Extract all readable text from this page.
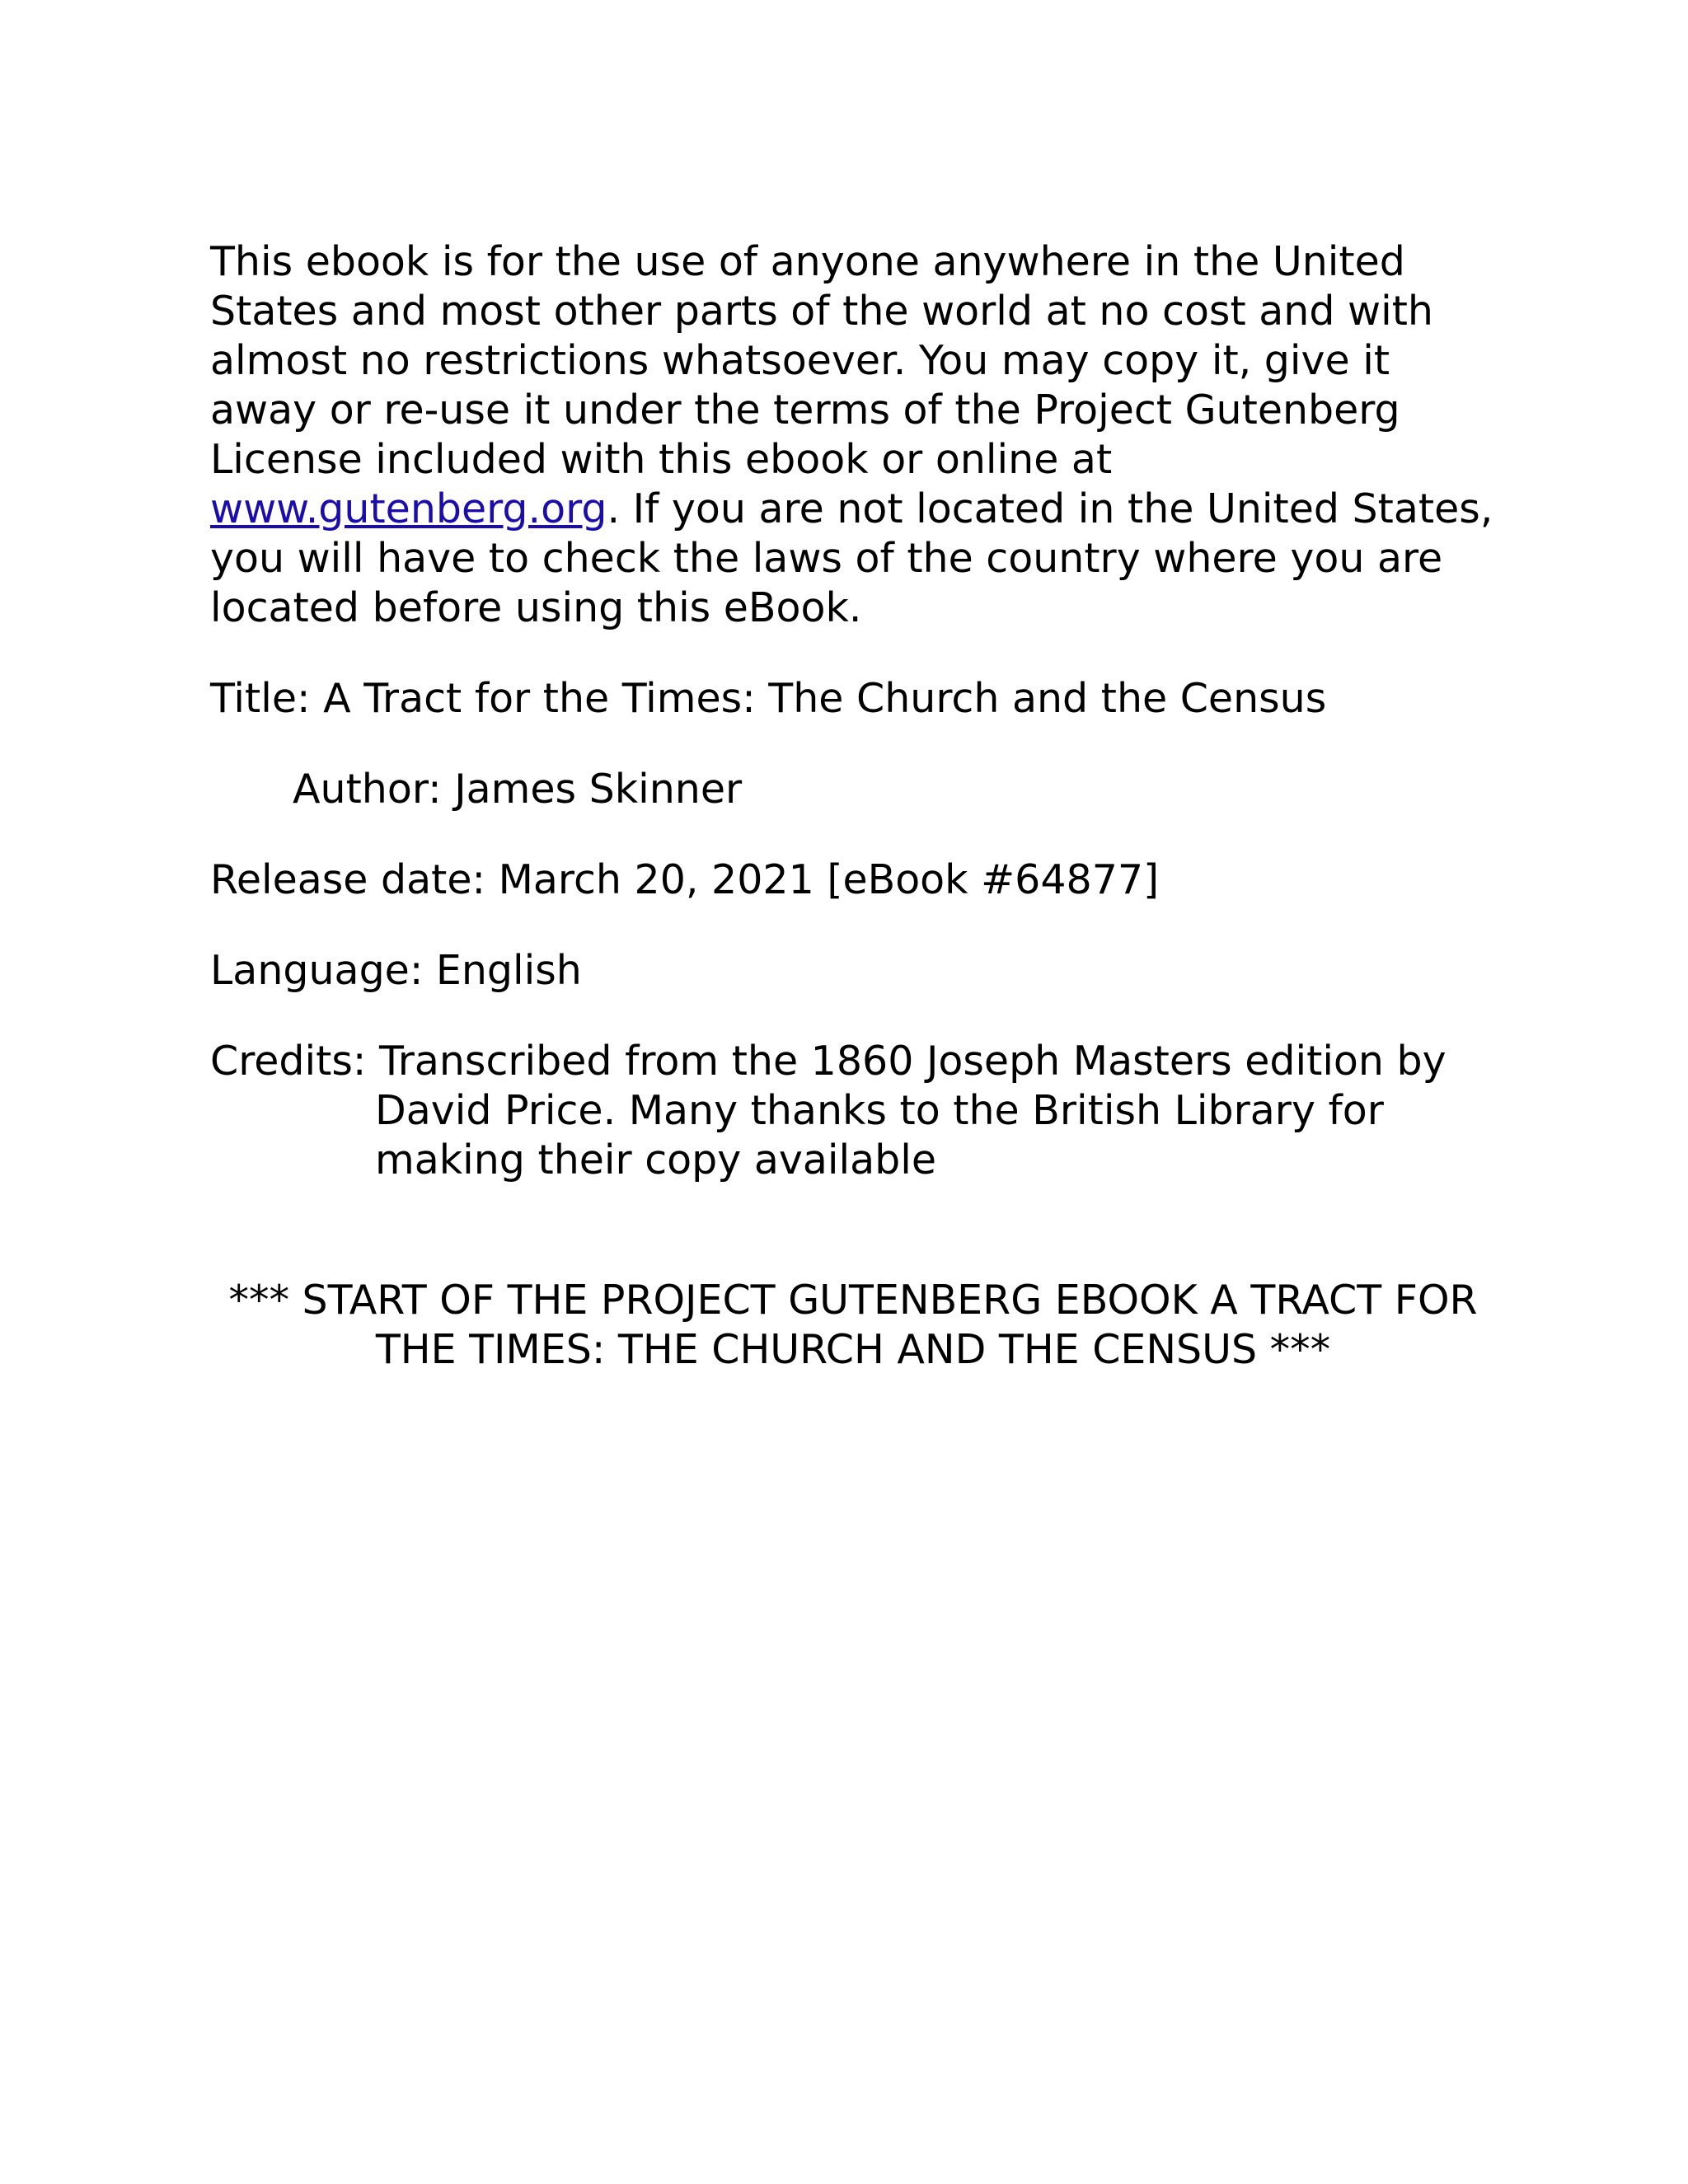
This ebook is for the use of anyone anywhere in the United States and most other parts of the world at no cost and with almost no restrictions whatsoever. You may copy it, give it away or re-use it under the terms of the Project Gutenberg License included with this ebook or online at www.gutenberg.org. If you are not located in the United States, you will have to check the laws of the country where you are located before using this eBook.

Title: A Tract for the Times: The Church and the Census

Author: James Skinner

Release date: March 20, 2021 [eBook #64877]

Language: English

Credits: Transcribed from the 1860 Joseph Masters edition by David Price. Many thanks to the British Library for making their copy available

*** START OF THE PROJECT GUTENBERG EBOOK A TRACT FOR THE TIMES: THE CHURCH AND THE CENSUS ***
